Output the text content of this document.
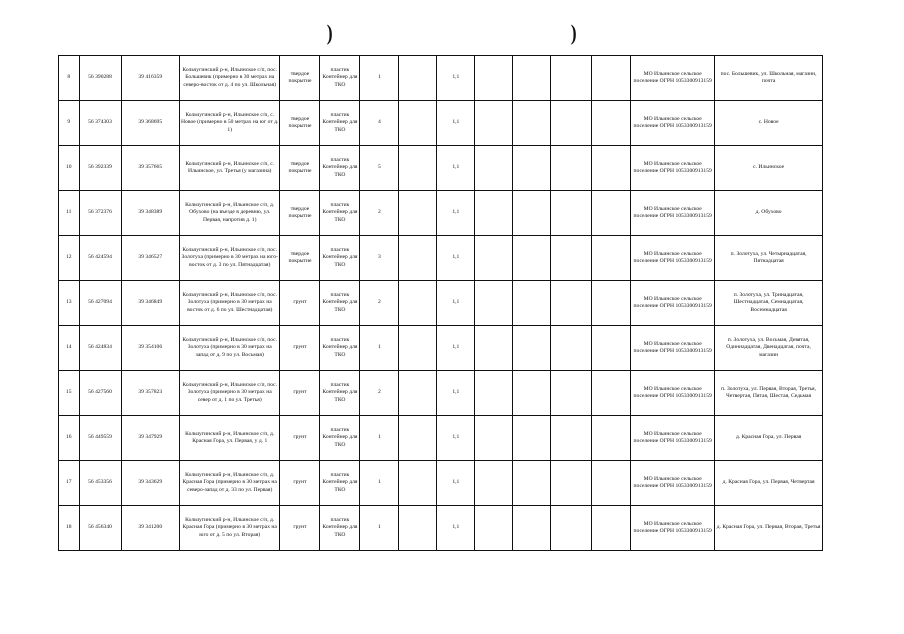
)	)
8	56 390288	39 416359	Кольчугинский р-н, Ильинское с/п, пос. Большевик (примерно в 30 метрах на северо-восток от д. 4 по ул. Школьная)	твердое покрытие	пластик Контейнер для ТКО	1		1,1					МО Ильинское сельское поселение ОГРН 1053300913159	пос. Большевик, ул. Школьная, магазин, почта
9	56 374303	39 368695	Кольчугинский р-н, Ильинское с/п, с. Новое (примерно в 50 метрах на юг от д. 1)	твердое покрытие	пластик Контейнер для ТКО	4		1,1					МО Ильинское сельское поселение ОГРН 1053300913159	с. Новое
10	56 392339	39 357665	Кольчугинский р-н, Ильинское с/п, с. Ильинское, ул. Третья (у магазина)	твердое покрытие	пластик Контейнер для ТКО	5		1,1					МО Ильинское сельское поселение ОГРН 1053300913159	с. Ильинское
11	56 372376	39 348389	Кольчугинский р-н, Ильинское с/п, д. Обухово (на въезде в деревню, ул. Первая, напротив д. 1)	твердое покрытие	пластик Контейнер для ТКО	2		1,1					МО Ильинское сельское поселение ОГРН 1053300913159	д. Обухово
12	56 424594	39 346527	Кольчугинский р-н, Ильинское с/п, пос. Золотуха (примерно в 30 метрах на юго-восток от д. 3 по ул. Пятнадцатая)	твердое покрытие	пластик Контейнер для ТКО	3		1,1					МО Ильинское сельское поселение ОГРН 1053300913159	п. Золотуха, ул. Четырнадцатая, Пятнадцатая
13	56 427094	39 346849	Кольчугинский р-н, Ильинское с/п, пос. Золотуха (примерно в 30 метрах на восток от д. 6 по ул. Шестнадцатая)	грунт	пластик Контейнер для ТКО	2		1,1					МО Ильинское сельское поселение ОГРН 1053300913159	п. Золотуха, ул. Тринадцатая, Шестнадцатая, Семнадцатая, Восемнадцатая
14	56 424834	39 354106	Кольчугинский р-н, Ильинское с/п, пос. Золотуха (примерно в 30 метрах на запад от д. 9 по ул. Восьмая)	грунт	пластик Контейнер для ТКО	1		1,1					МО Ильинское сельское поселение ОГРН 1053300913159	п. Золотуха, ул. Восьмая, Девятая, Одиннадцатая, Двенадцатая, почта, магазин
15	56 427560	39 357823	Кольчугинский р-н, Ильинское с/п, пос. Золотуха (примерно в 30 метрах на север от д. 1 по ул. Третья)	грунт	пластик Контейнер для ТКО	2		1,1					МО Ильинское сельское поселение ОГРН 1053300913159	п. Золотуха, ул. Первая, Вторая, Третья, Четвертая, Пятая, Шестая, Седьмая
16	56 449559	39 347929	Кольчугинский р-н, Ильинское с/п, д. Красная Гора, ул. Первая, у д. 1	грунт	пластик Контейнер для ТКО	1		1,1					МО Ильинское сельское поселение ОГРН 1053300913159	д. Красная Гора, ул. Первая
17	56 453356	39 343629	Кольчугинский р-н, Ильинское с/п, д. Красная Гора (примерно в 30 метрах на северо-запад от д. 33 по ул. Первая)	грунт	пластик Контейнер для ТКО	1		1,1					МО Ильинское сельское поселение ОГРН 1053300913159	д. Красная Гора, ул. Первая, Четвертая
18	56 456340	39 341200	Кольчугинский р-н, Ильинское с/п, д. Красная Гора (примерно в 30 метрах на юго от д. 5 по ул. Вторая)	грунт	пластик Контейнер для ТКО	1		1,1					МО Ильинское сельское поселение ОГРН 1053300913159	д. Красная Гора, ул. Первая, Вторая, Третья
